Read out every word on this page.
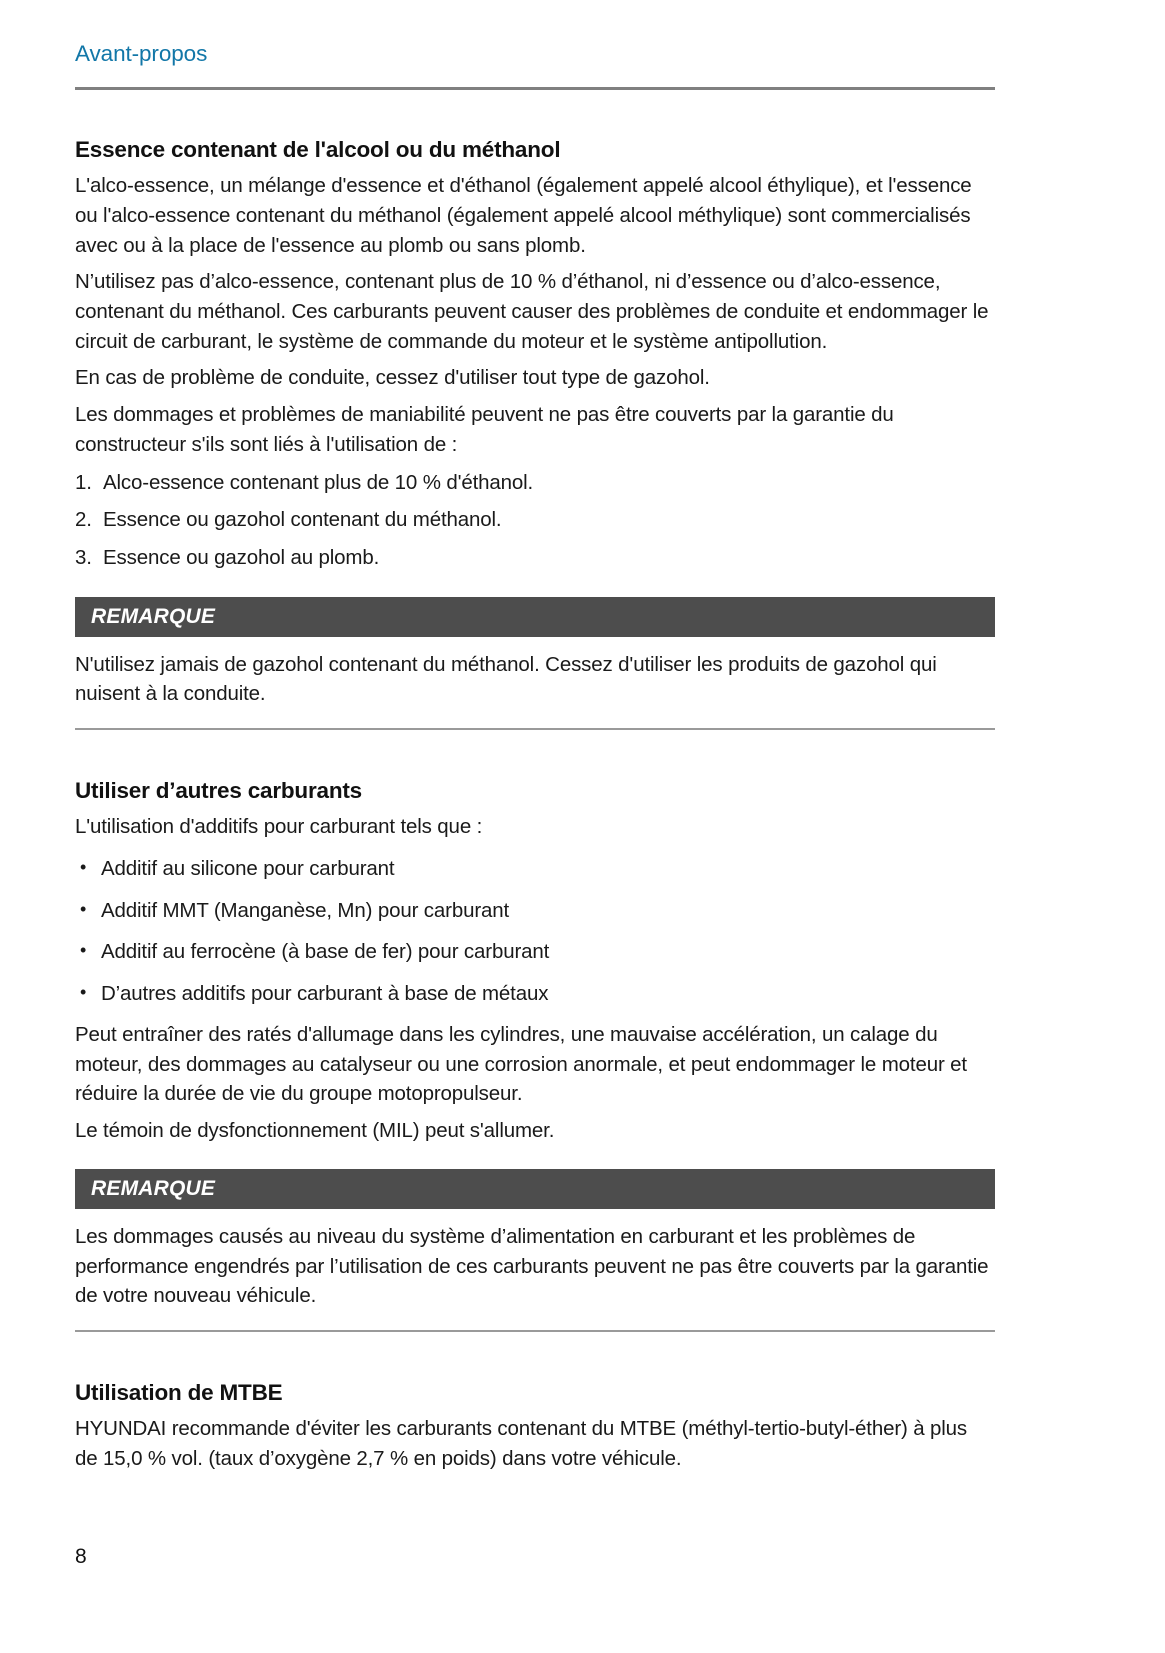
Avant-propos
Essence contenant de l'alcool ou du méthanol

L'alco-essence, un mélange d'essence et d'éthanol (également appelé alcool éthylique), et l'essence ou l'alco-essence contenant du méthanol (également appelé alcool méthylique) sont commercialisés avec ou à la place de l'essence au plomb ou sans plomb.

N’utilisez pas d’alco-essence, contenant plus de 10 % d’éthanol, ni d’essence ou d’alco-essence, contenant du méthanol. Ces carburants peuvent causer des problèmes de conduite et endommager le circuit de carburant, le système de commande du moteur et le système antipollution.

En cas de problème de conduite, cessez d'utiliser tout type de gazohol.

Les dommages et problèmes de maniabilité peuvent ne pas être couverts par la garantie du constructeur s'ils sont liés à l'utilisation de :

1. Alco-essence contenant plus de 10 % d'éthanol.
2. Essence ou gazohol contenant du méthanol.
3. Essence ou gazohol au plomb.
REMARQUE

N'utilisez jamais de gazohol contenant du méthanol. Cessez d'utiliser les produits de gazohol qui nuisent à la conduite.

Utiliser d’autres carburants

L'utilisation d'additifs pour carburant tels que :

• Additif au silicone pour carburant
• Additif MMT (Manganèse, Mn) pour carburant
• Additif au ferrocène (à base de fer) pour carburant
• D’autres additifs pour carburant à base de métaux

Peut entraîner des ratés d'allumage dans les cylindres, une mauvaise accélération, un calage du moteur, des dommages au catalyseur ou une corrosion anormale, et peut endommager le moteur et réduire la durée de vie du groupe motopropulseur.

Le témoin de dysfonctionnement (MIL) peut s'allumer.

REMARQUE

Les dommages causés au niveau du système d’alimentation en carburant et les problèmes de performance engendrés par l’utilisation de ces carburants peuvent ne pas être couverts par la garantie de votre nouveau véhicule.

Utilisation de MTBE

HYUNDAI recommande d'éviter les carburants contenant du MTBE (méthyl-tertio-butyl-éther) à plus de 15,0 % vol. (taux d’oxygène 2,7 % en poids) dans votre véhicule.

8
